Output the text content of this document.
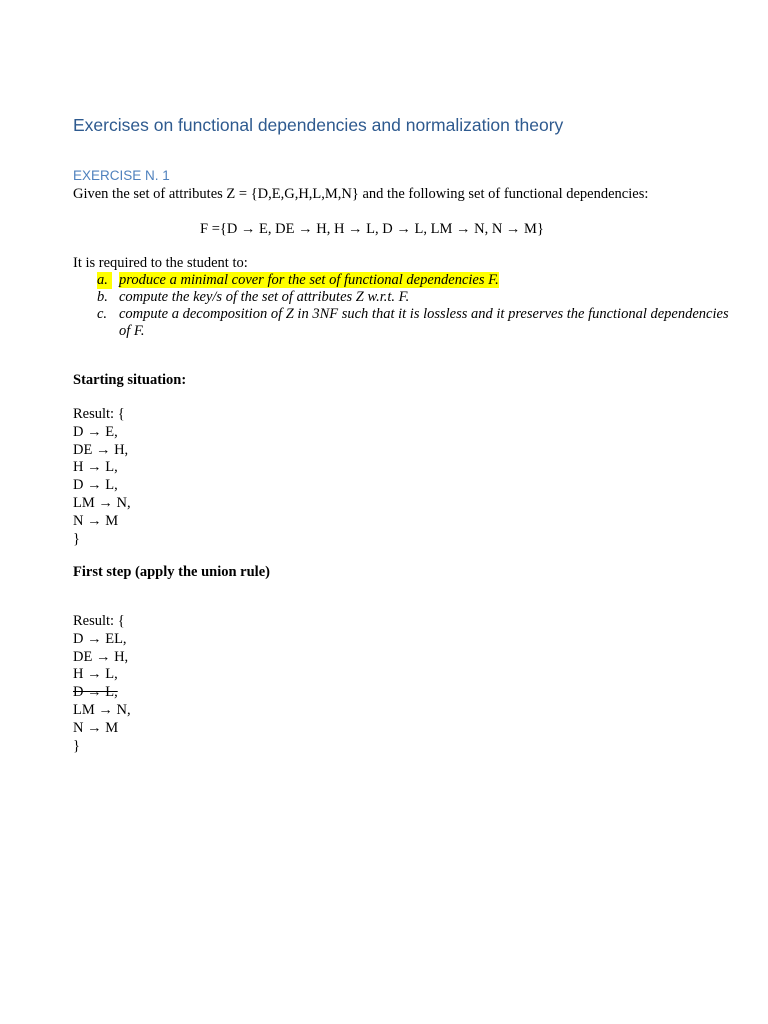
Exercises on functional dependencies and normalization theory
EXERCISE N. 1

Given the set of attributes Z = {D,E,G,H,L,M,N} and the following set of functional dependencies:

F ={D → E, DE → H, H → L, D → L, LM → N, N → M}

It is required to the student to:

a. produce a minimal cover for the set of functional dependencies F.
b. compute the key/s of the set of attributes Z w.r.t. F.
c. compute a decomposition of Z in 3NF such that it is lossless and it preserves the functional dependencies of F.
Starting situation:
Result: {
D → E,
DE → H,
H → L,
D → L,
LM → N,
N → M
}
First step (apply the union rule)
Result: {
D → EL,
DE → H,
H → L,
D → L,
LM → N,
N → M
}
